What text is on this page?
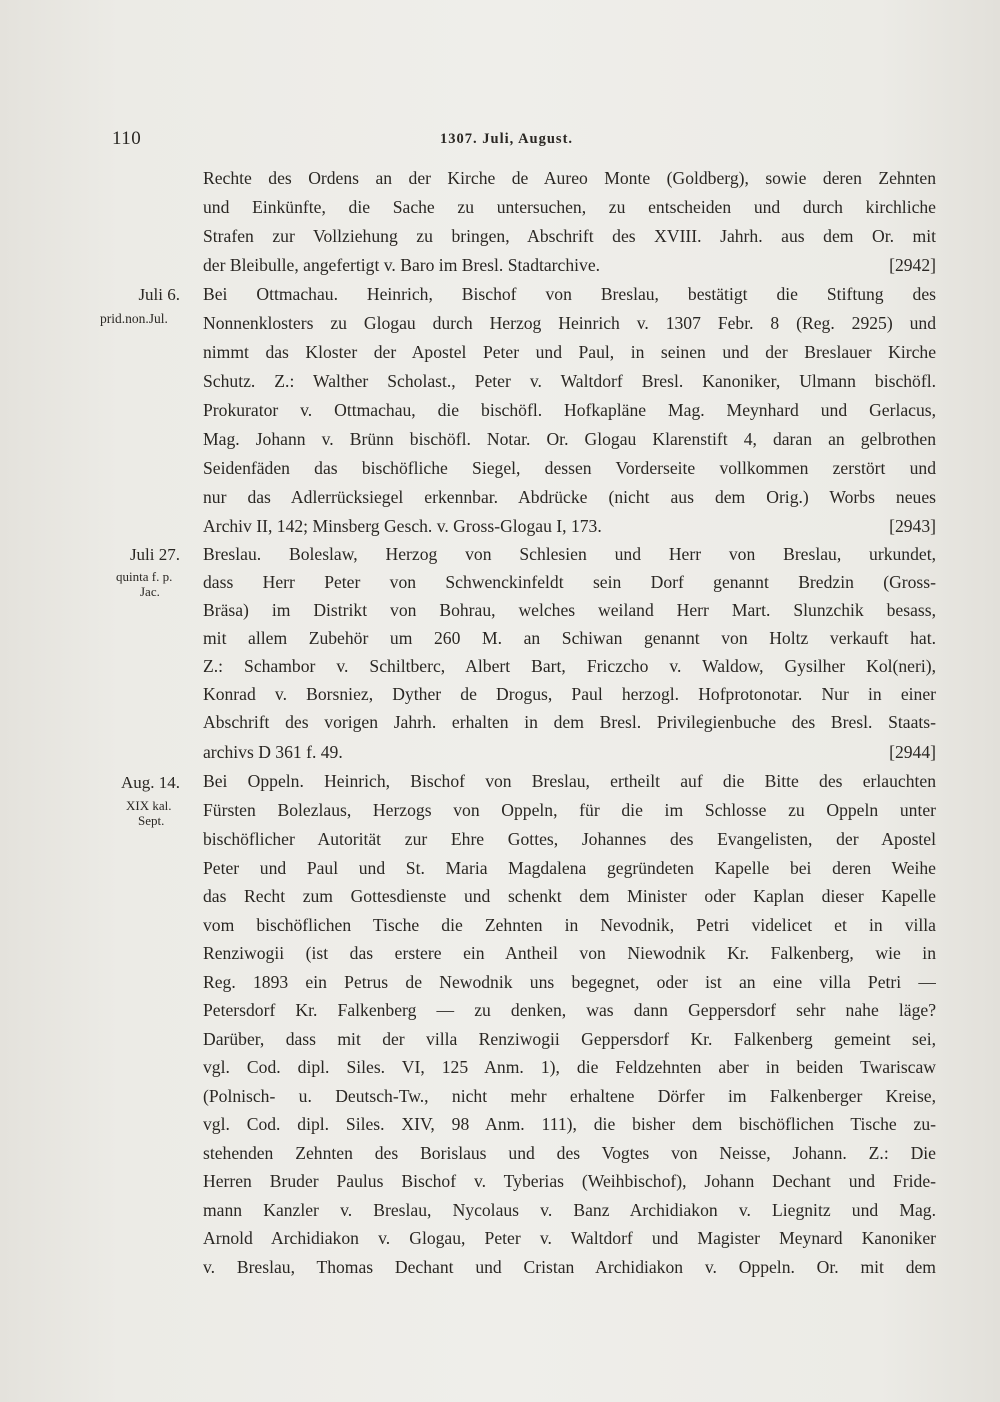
110	1307. Juli, August.
Juli 6.
prid.non.Jul.
Juli 27.
quinta f. p.
Jac.
Aug. 14.
XIX kal.
Sept.
Rechte des Ordens an der Kirche de Aureo Monte (Goldberg), sowie deren Zehnten
und Einkünfte, die Sache zu untersuchen, zu entscheiden und durch kirchliche
Strafen zur Vollziehung zu bringen, Abschrift des XVIII. Jahrh. aus dem Or. mit
der Bleibulle, angefertigt v. Baro im Bresl. Stadtarchive.	[2942]
Bei Ottmachau. Heinrich, Bischof von Breslau, bestätigt die Stiftung des
Nonnenklosters zu Glogau durch Herzog Heinrich v. 1307 Febr. 8 (Reg. 2925) und
nimmt das Kloster der Apostel Peter und Paul, in seinen und der Breslauer Kirche
Schutz. Z.: Walther Scholast., Peter v. Waltdorf Bresl. Kanoniker, Ulmann bischöfl.
Prokurator v. Ottmachau, die bischöfl. Hofkapläne Mag. Meynhard und Gerlacus,
Mag. Johann v. Brünn bischöfl. Notar. Or. Glogau Klarenstift 4, daran an gelbrothen
Seidenfäden das bischöfliche Siegel, dessen Vorderseite vollkommen zerstört und
nur das Adlerrücksiegel erkennbar. Abdrücke (nicht aus dem Orig.) Worbs neues
Archiv II, 142; Minsberg Gesch. v. Gross-Glogau I, 173.	[2943]
Breslau. Boleslaw, Herzog von Schlesien und Herr von Breslau, urkundet,
dass Herr Peter von Schwenckinfeldt sein Dorf genannt Bredzin (Gross-
Bräsa) im Distrikt von Bohrau, welches weiland Herr Mart. Slunzchik besass,
mit allem Zubehör um 260 M. an Schiwan genannt von Holtz verkauft hat.
Z.: Schambor v. Schiltberc, Albert Bart, Friczcho v. Waldow, Gysilher Kol(neri),
Konrad v. Borsniez, Dyther de Drogus, Paul herzogl. Hofprotonotar. Nur in einer
Abschrift des vorigen Jahrh. erhalten in dem Bresl. Privilegienbuche des Bresl. Staats-
archivs D 361 f. 49.	[2944]
Bei Oppeln. Heinrich, Bischof von Breslau, ertheilt auf die Bitte des erlauchten
Fürsten Bolezlaus, Herzogs von Oppeln, für die im Schlosse zu Oppeln unter
bischöflicher Autorität zur Ehre Gottes, Johannes des Evangelisten, der Apostel
Peter und Paul und St. Maria Magdalena gegründeten Kapelle bei deren Weihe
das Recht zum Gottesdienste und schenkt dem Minister oder Kaplan dieser Kapelle
vom bischöflichen Tische die Zehnten in Nevodnik, Petri videlicet et in villa
Renziwogii (ist das erstere ein Antheil von Niewodnik Kr. Falkenberg, wie in
Reg. 1893 ein Petrus de Newodnik uns begegnet, oder ist an eine villa Petri —
Petersdorf Kr. Falkenberg — zu denken, was dann Geppersdorf sehr nahe läge?
Darüber, dass mit der villa Renziwogii Geppersdorf Kr. Falkenberg gemeint sei,
vgl. Cod. dipl. Siles. VI, 125 Anm. 1), die Feldzehnten aber in beiden Twariscaw
(Polnisch- u. Deutsch-Tw., nicht mehr erhaltene Dörfer im Falkenberger Kreise,
vgl. Cod. dipl. Siles. XIV, 98 Anm. 111), die bisher dem bischöflichen Tische zu-
stehenden Zehnten des Borislaus und des Vogtes von Neisse, Johann. Z.: Die
Herren Bruder Paulus Bischof v. Tyberias (Weihbischof), Johann Dechant und Fride-
mann Kanzler v. Breslau, Nycolaus v. Banz Archidiakon v. Liegnitz und Mag.
Arnold Archidiakon v. Glogau, Peter v. Waltdorf und Magister Meynard Kanoniker
v. Breslau, Thomas Dechant und Cristan Archidiakon v. Oppeln. Or. mit dem
